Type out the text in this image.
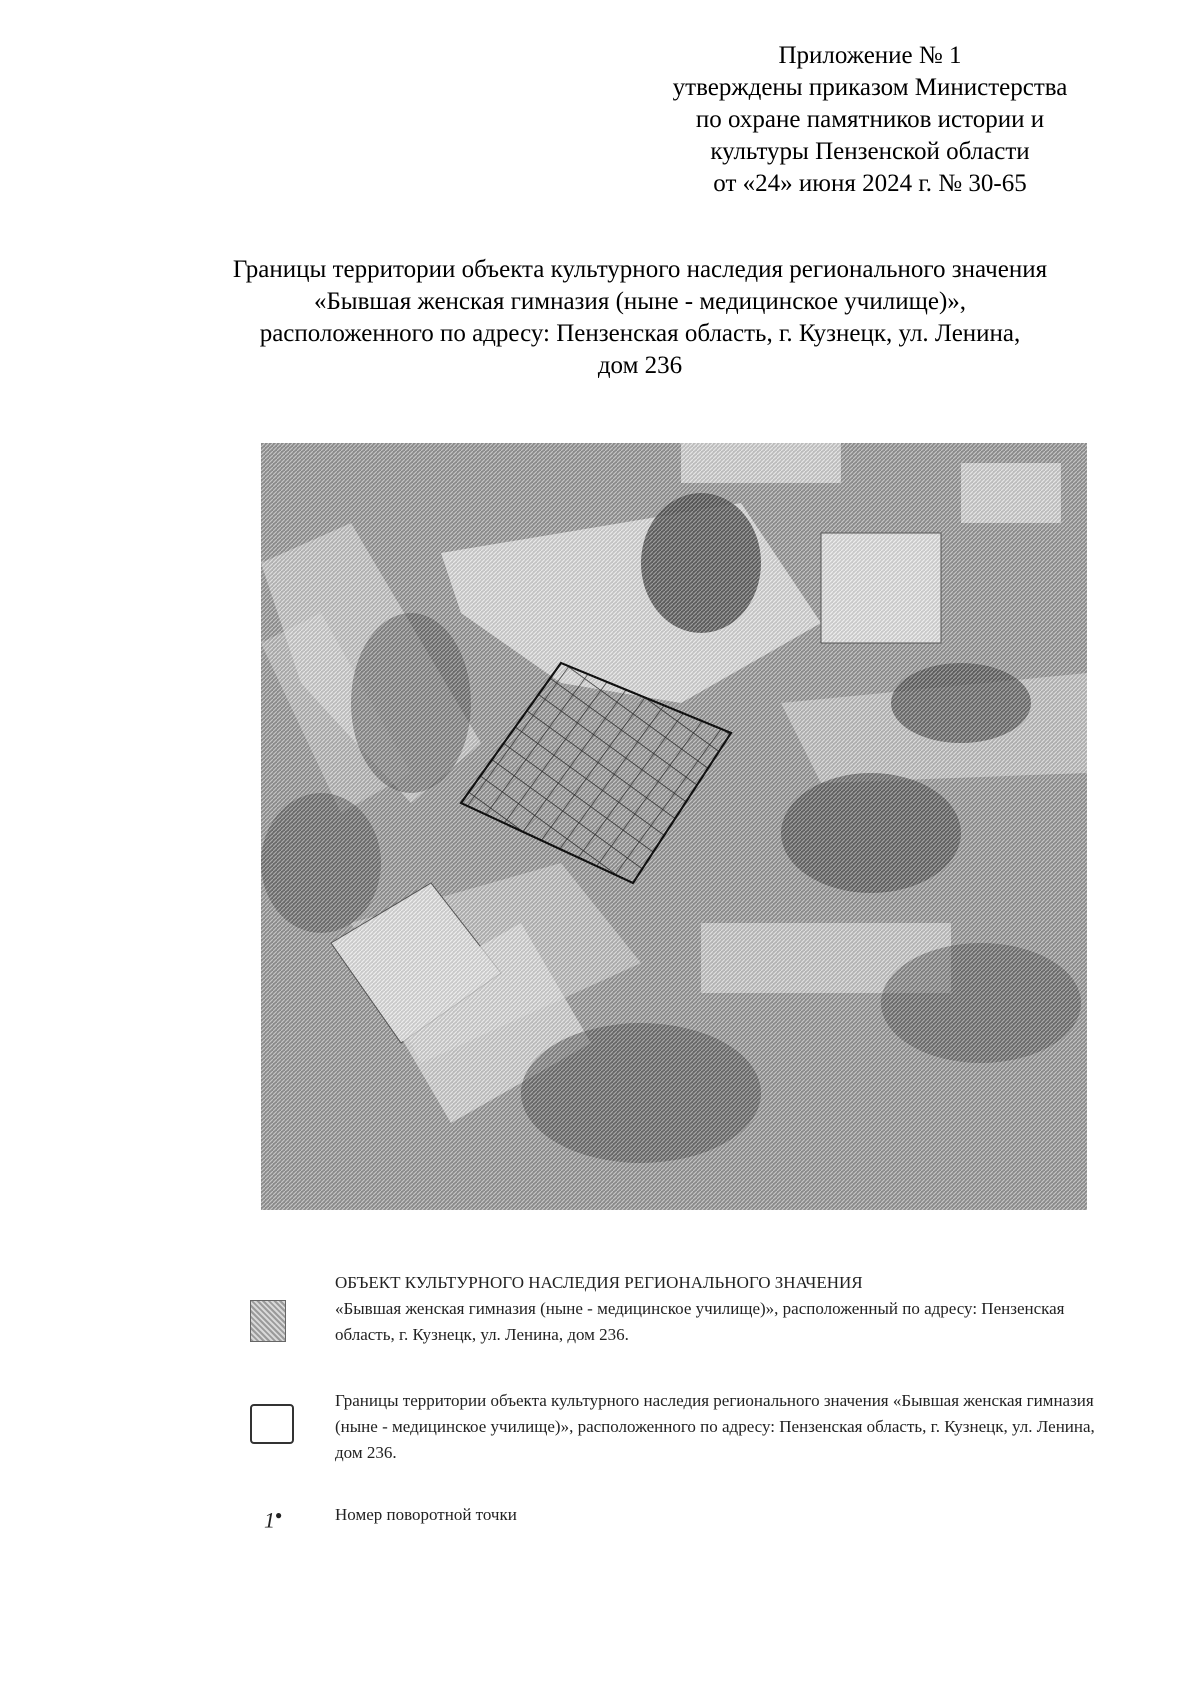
Приложение № 1
утверждены приказом Министерства
по охране памятников истории и
культуры Пензенской области
от «24» июня 2024 г. № 30-65
Границы территории объекта культурного наследия регионального значения
«Бывшая женская гимназия (ныне - медицинское училище)»,
расположенного по адресу: Пензенская область, г. Кузнецк, ул. Ленина,
дом 236
ОБЪЕКТ КУЛЬТУРНОГО НАСЛЕДИЯ РЕГИОНАЛЬНОГО ЗНАЧЕНИЯ
«Бывшая женская гимназия (ныне - медицинское училище)», расположенный по адресу: Пензенская область, г. Кузнецк, ул. Ленина, дом 236.
Границы территории объекта культурного наследия регионального значения «Бывшая женская гимназия (ныне - медицинское училище)», расположенного по адресу: Пензенская область, г. Кузнецк, ул. Ленина, дом 236.
1●	Номер поворотной точки
